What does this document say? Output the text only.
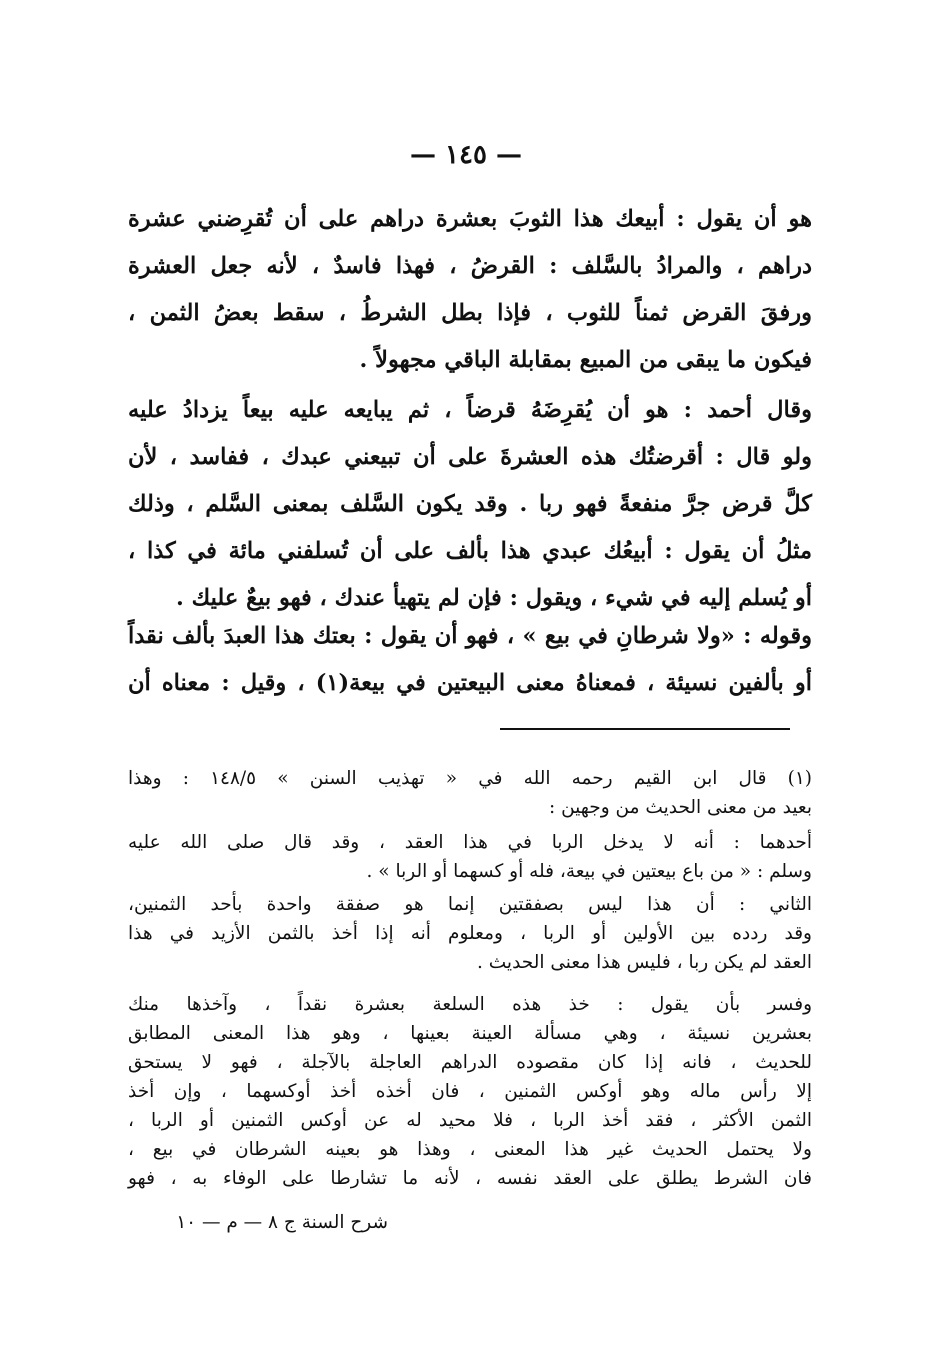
— ١٤٥ —
هو أن يقول : أبيعك هذا الثوبَ بعشرة دراهم على أن تُقرِضني عشرة
دراهم ، والمرادُ بالسَّلف : القرضُ ، فهذا فاسدٌ ، لأنه جعل العشرة
ورفقَ القرض ثمناً للثوب ، فإذا بطل الشرطُ ، سقط بعضُ الثمن ،
فيكون ما يبقى من المبيع بمقابلة الباقي مجهولاً .
وقال أحمد : هو أن يُقرِضَهُ قرضاً ، ثم يبايعه عليه بيعاً يزدادُ عليه
ولو قال : أقرضتُك هذه العشرةَ على أن تبيعني عبدك ، ففاسد ، لأن
كلَّ قرض جرَّ منفعةً فهو ربا . وقد يكون السَّلف بمعنى السَّلم ، وذلك
مثلُ أن يقول : أبيعُك عبدي هذا بألف على أن تُسلفني مائة في كذا ،
أو يُسلم إليه في شيء ، ويقول : فإن لم يتهيأ عندك ، فهو بيعٌ عليك .
وقوله : «ولا شرطانِ في بيع » ، فهو أن يقول : بعتك هذا العبدَ بألف نقداً
أو بألفين نسيئة ، فمعناهُ معنى البيعتين في بيعة(١) ، وقيل : معناه أن
(١) قال ابن القيم رحمه الله في « تهذيب السنن » ١٤٨/٥ : وهذا
بعيد من معنى الحديث من وجهين :
أحدهما : أنه لا يدخل الربا في هذا العقد ، وقد قال صلى الله عليه
وسلم : « من باع بيعتين في بيعة، فله أو كسهما أو الربا » .
الثاني : أن هذا ليس بصفقتين إنما هو صفقة واحدة بأحد الثمنين،
وقد ردده بين الأولين أو الربا ، ومعلوم أنه إذا أخذ بالثمن الأزيد في هذا
العقد لم يكن ربا ، فليس هذا معنى الحديث .
وفسر بأن يقول : خذ هذه السلعة بعشرة نقداً ، وآخذها منك
بعشرين نسيئة ، وهي مسألة العينة بعينها ، وهو هذا المعنى المطابق
للحديث ، فانه إذا كان مقصوده الدراهم العاجلة بالآجلة ، فهو لا يستحق
إلا رأس ماله وهو أوكس الثمنين ، فان أخذه أخذ أوكسهما ، وإن أخذ
الثمن الأكثر ، فقد أخذ الربا ، فلا محيد له عن أوكس الثمنين أو الربا ،
ولا يحتمل الحديث غير هذا المعنى ، وهذا هو بعينه الشرطان في بيع ،
فان الشرط يطلق على العقد نفسه ، لأنه ما تشارطا على الوفاء به ، فهو
شرح السنة ج ٨ — م — ١٠
